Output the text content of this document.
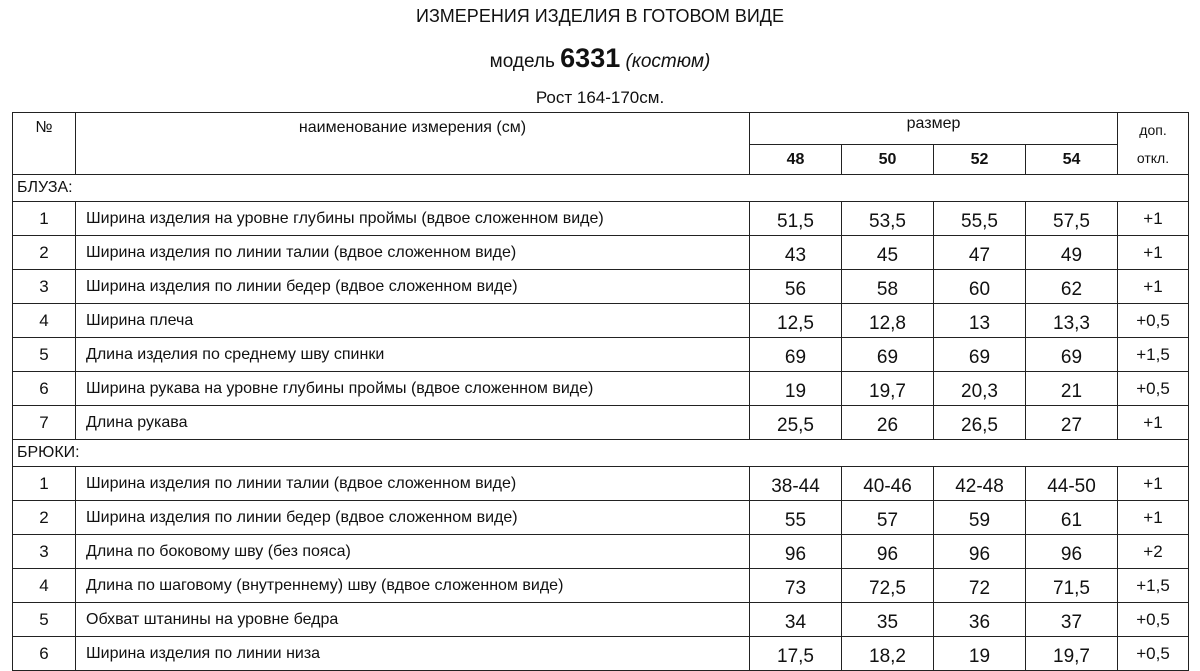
ИЗМЕРЕНИЯ ИЗДЕЛИЯ В ГОТОВОМ ВИДЕ
модель 6331 (костюм)
Рост 164-170см.
№	наименование измерения (см)	размер				доп.
откл.

		48	50	52	54	
БЛУЗА:						
1	Ширина изделия на уровне глубины проймы (вдвое сложенном виде)	51,5	53,5	55,5	57,5	+1
2	Ширина изделия по линии талии (вдвое сложенном виде)	43	45	47	49	+1
3	Ширина изделия по линии бедер (вдвое сложенном виде)	56	58	60	62	+1
4	Ширина плеча	12,5	12,8	13	13,3	+0,5
5	Длина изделия по среднему шву спинки	69	69	69	69	+1,5
6	Ширина рукава на уровне глубины проймы (вдвое сложенном виде)	19	19,7	20,3	21	+0,5
7	Длина рукава	25,5	26	26,5	27	+1
БРЮКИ:						
1	Ширина изделия по линии талии (вдвое сложенном виде)	38-44	40-46	42-48	44-50	+1
2	Ширина изделия по линии бедер (вдвое сложенном виде)	55	57	59	61	+1
3	Длина по боковому шву (без пояса)	96	96	96	96	+2
4	Длина по шаговому (внутреннему) шву (вдвое сложенном виде)	73	72,5	72	71,5	+1,5
5	Обхват штанины на уровне бедра	34	35	36	37	+0,5
6	Ширина изделия по линии низа	17,5	18,2	19	19,7	+0,5
